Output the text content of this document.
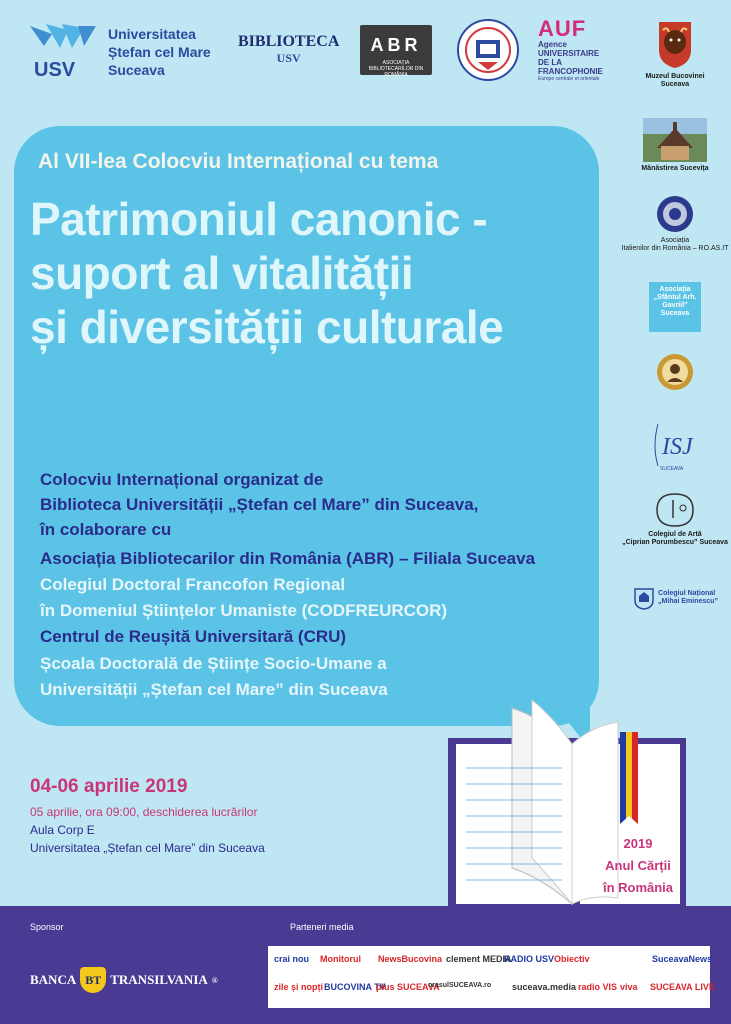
USV
Universitatea
Ștefan cel Mare
Suceava
BIBLIOTECA
USV
ABR
ASOCIAȚIA BIBLIOTECARILOR DIN ROMÂNIA
AUF
Agence
UNIVERSITAIRE
DE LA FRANCOPHONIE
Europe centrale et orientale	Muzeul Bucovinei
Suceava
Mănăstirea Sucevița
Asociația
Italienilor din România – RO.AS.IT
Asociația
„Sfântul Arh. Gavriil” Suceava
ISJ
SUCEAVA
Colegiul de Artă
„Ciprian Porumbescu” Suceava
Colegiul Național
„Mihai Eminescu”
Al VII-lea Colocviu Internațional cu tema
Patrimoniul canonic -
suport al vitalității
și diversității culturale
Colocviu Internațional organizat de
Biblioteca Universității „Ștefan cel Mare” din Suceava,
în colaborare cu
Asociația Bibliotecarilor din România (ABR) – Filiala Suceava
Colegiul Doctoral Francofon Regional
în Domeniul Științelor Umaniste (CODFREURCOR)
Centrul de Reușită Universitară (CRU)
Școala Doctorală de Științe Socio-Umane a
Universității „Ștefan cel Mare” din Suceava
04-06 aprilie 2019
05 aprilie, ora 09:00, deschiderea lucrărilor
Aula Corp E
Universitatea „Ștefan cel Mare” din Suceava	2019
Anul Cărții
în România
Sponsor	Parteneri media
BANCA BT TRANSILVANIA ®
crai nou Monitorul NewsBucovina clement MEDIA
RADIO USV Obiectiv	SuceavaNews
zile și nopți BUCOVINA TV
plus SUCEAVA
orasulSUCEAVA.ro suceava.media radio VIS viva SUCEAVA LIVE
